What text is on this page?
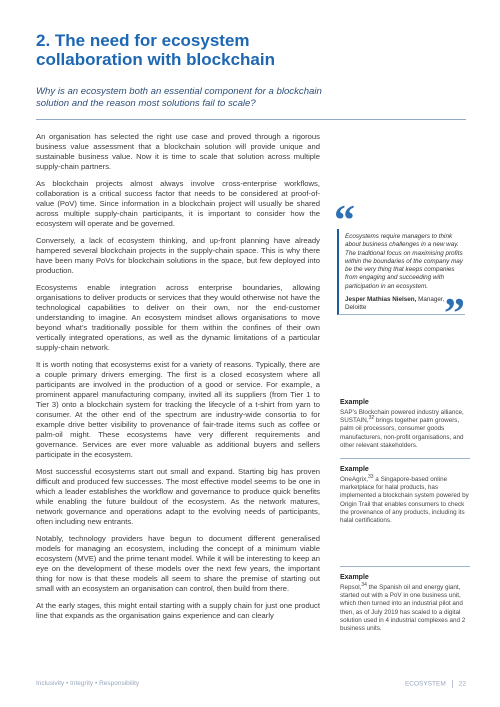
2. The need for ecosystem collaboration with blockchain
Why is an ecosystem both an essential component for a blockchain solution and the reason most solutions fail to scale?

An organisation has selected the right use case and proved through a rigorous business value assessment that a blockchain solution will provide unique and sustainable business value. Now it is time to scale that solution across multiple supply-chain partners.

As blockchain projects almost always involve cross-enterprise workflows, collaboration is a critical success factor that needs to be considered at proof-of-value (PoV) time. Since information in a blockchain project will usually be shared across multiple supply-chain participants, it is important to consider how the ecosystem will operate and be governed.

Conversely, a lack of ecosystem thinking, and up-front planning have already hampered several blockchain projects in the supply-chain space. This is why there have been many PoVs for blockchain solutions in the space, but few deployed into production.

Ecosystems enable integration across enterprise boundaries, allowing organisations to deliver products or services that they would otherwise not have the technological capabilities to deliver on their own, nor the end-customer understanding to imagine. An ecosystem mindset allows organisations to move beyond what’s traditionally possible for them within the confines of their own vertically integrated operations, as well as the dynamic limitations of a particular supply-chain network.

It is worth noting that ecosystems exist for a variety of reasons. Typically, there are a couple primary drivers emerging. The first is a closed ecosystem where all participants are involved in the production of a good or service. For example, a prominent apparel manufacturing company, invited all its suppliers (from Tier 1 to Tier 3) onto a blockchain system for tracking the lifecycle of a t-shirt from yarn to consumer. At the other end of the spectrum are industry-wide consortia to for example drive better visibility to provenance of fair-trade items such as coffee or palm-oil might. These ecosystems have very different requirements and governance. Services are ever more valuable as additional buyers and sellers participate in the ecosystem.

Most successful ecosystems start out small and expand. Starting big has proven difficult and produced few successes. The most effective model seems to be one in which a leader establishes the workflow and governance to produce quick benefits while enabling the future buildout of the ecosystem. As the network matures, network governance and operations adapt to the evolving needs of participants, often including new entrants.

Notably, technology providers have begun to document different generalised models for managing an ecosystem, including the concept of a minimum viable ecosystem (MVE) and the prime tenant model. While it will be interesting to keep an eye on the development of these models over the next few years, the important thing for now is that these models all seem to share the premise of starting out small with an ecosystem an organisation can control, then build from there.

At the early stages, this might entail starting with a supply chain for just one product line that expands as the organisation gains experience and can clearly

“
Ecosystems require managers to think about business challenges in a new way. The traditional focus on maximising profits within the boundaries of the company may be the very thing that keeps companies from engaging and succeeding with participation in an ecosystem.
Jesper Mathias Nielsen, Manager, Deloitte	”
Example
SAP’s Blockchain powered industry alliance, SUSTAIN,$^{32}$ brings together palm growers, palm oil processors, consumer goods manufacturers, non-profit organisations, and other relevant stakeholders.
Example
OneAgrix,$^{33}$ a Singapore-based online marketplace for halal products, has implemented a blockchain system powered by Origin Trail that enables consumers to check the provenance of any products, including its halal certifications.
Example
Repsol,$^{34}$ the Spanish oil and energy giant, started out with a PoV in one business unit, which then turned into an industrial pilot and then, as of July 2019 has scaled to a digital solution used in 4 industrial complexes and 2 business units.
Inclusivity • Integrity • Responsibility	ECOSYSTEM 22
